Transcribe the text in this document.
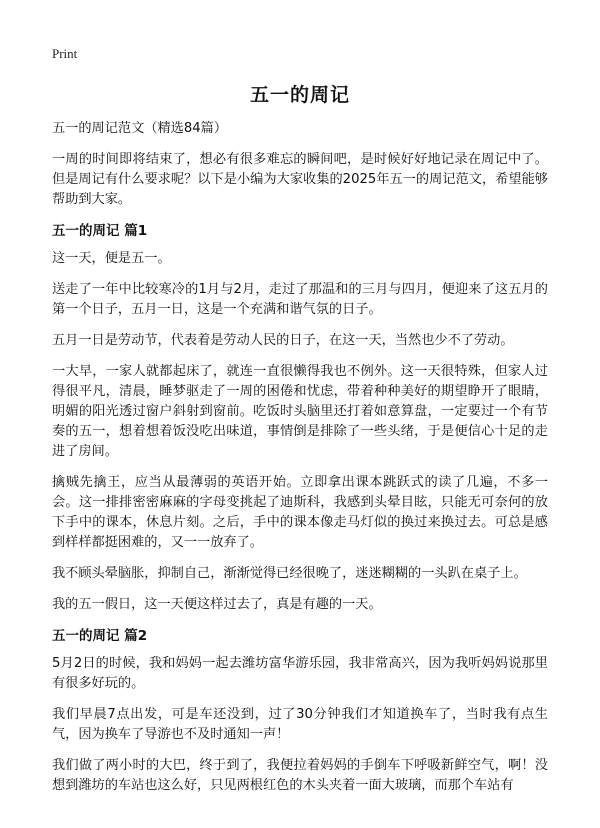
Print
五一的周记

五一的周记范文（精选84篇）

一周的时间即将结束了，想必有很多难忘的瞬间吧，是时候好好地记录在周记中了。但是周记有什么要求呢？以下是小编为大家收集的2025年五一的周记范文，希望能够帮助到大家。

五一的周记 篇1

这一天，便是五一。

送走了一年中比较寒冷的1月与2月，走过了那温和的三月与四月，便迎来了这五月的第一个日子，五月一日，这是一个充满和谐气氛的日子。

五月一日是劳动节，代表着是劳动人民的日子，在这一天，当然也少不了劳动。

一大早，一家人就都起床了，就连一直很懒得我也不例外。这一天很特殊，但家人过得很平凡，清晨，睡梦驱走了一周的困倦和忧虑，带着种种美好的期望睁开了眼睛，明媚的阳光透过窗户斜射到窗前。吃饭时头脑里还打着如意算盘，一定要过一个有节奏的五一，想着想着饭没吃出味道，事情倒是排除了一些头绪，于是便信心十足的走进了房间。

擒贼先擒王，应当从最薄弱的英语开始。立即拿出课本跳跃式的读了几遍，不多一会。这一排排密密麻麻的字母变挑起了迪斯科，我感到头晕目眩，只能无可奈何的放下手中的课本，休息片刻。之后，手中的课本像走马灯似的换过来换过去。可总是感到样样都挺困难的，又一一放弃了。

我不顾头晕脑胀，抑制自己，渐渐觉得已经很晚了，迷迷糊糊的一头趴在桌子上。

我的五一假日，这一天便这样过去了，真是有趣的一天。

五一的周记 篇2

5月2日的时候，我和妈妈一起去潍坊富华游乐园，我非常高兴，因为我听妈妈说那里有很多好玩的。

我们早晨7点出发，可是车还没到，过了30分钟我们才知道换车了，当时我有点生气，因为换车了导游也不及时通知一声！

我们做了两小时的大巴，终于到了，我便拉着妈妈的手倒车下呼吸新鲜空气，啊！没想到潍坊的车站也这么好，只见两根红色的木头夹着一面大玻璃，而那个车站有
